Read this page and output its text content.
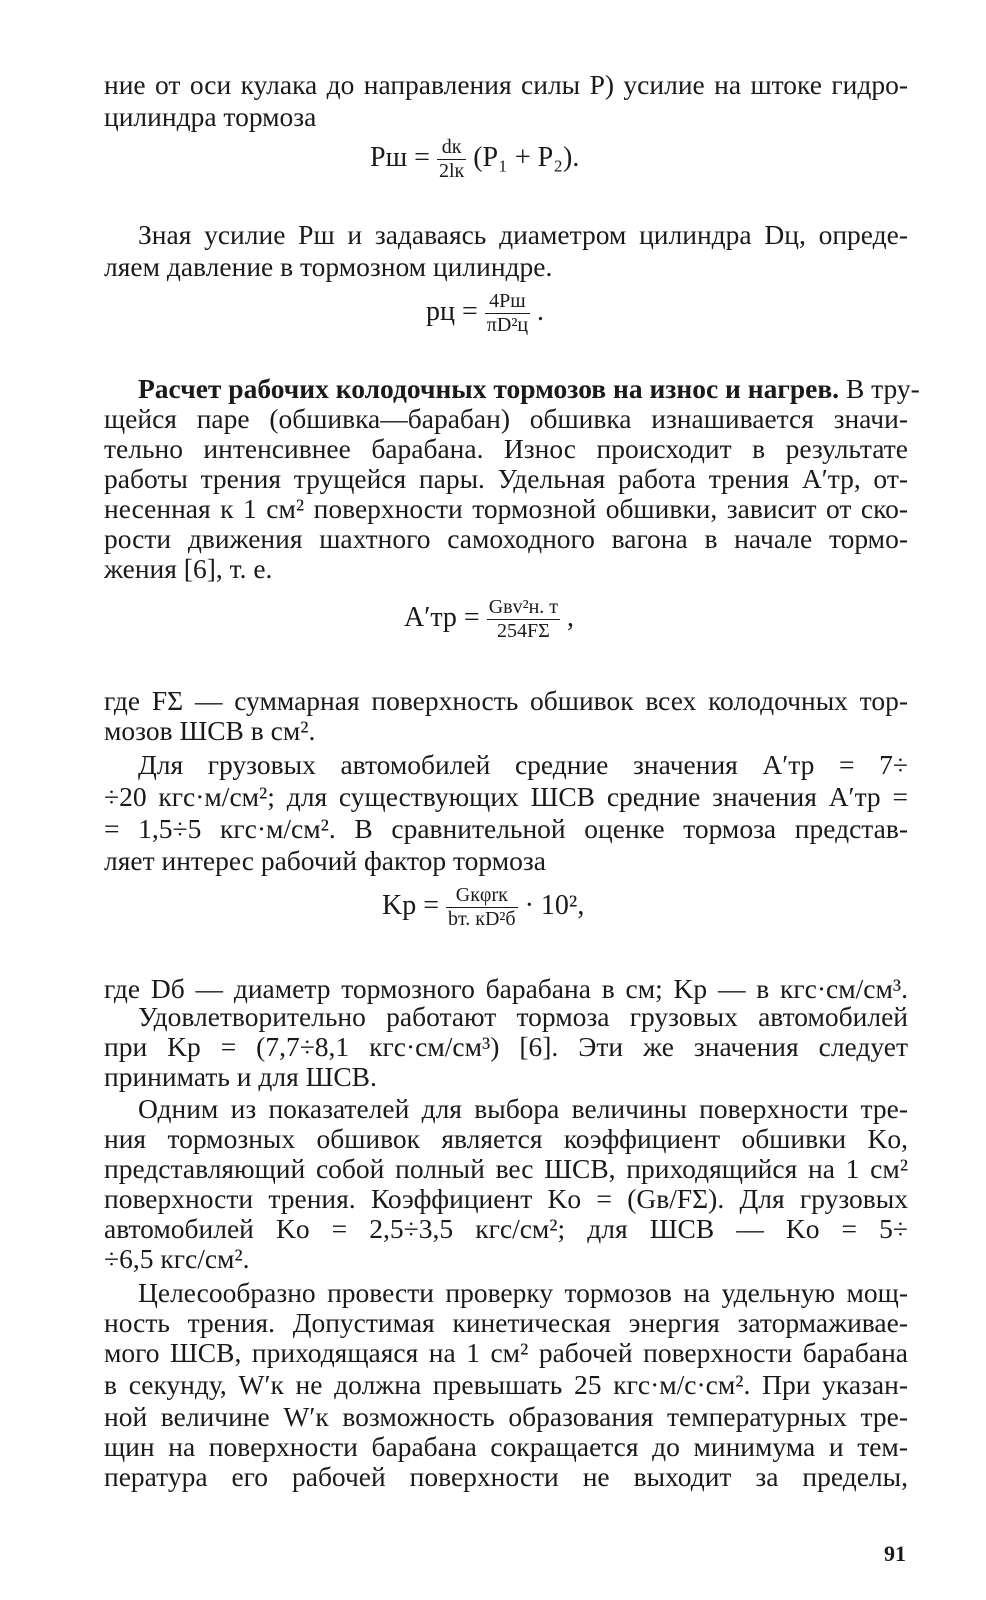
ние от оси кулака до направления силы P) усилие на штоке гидро-
цилиндра тормоза
Pш = $\frac{dк}{2lк} (P_1 + P_2)$.
Зная усилие Pш и задаваясь диаметром цилиндра Dц, опреде-
ляем давление в тормозном цилиндре.
pц = $\frac{4Pш}{\text{πD²ц}}$ .
Расчет рабочих колодочных тормозов на износ и нагрев. В тру-
щейся паре (обшивка—барабан) обшивка изнашивается значи-
тельно интенсивнее барабана. Износ происходит в результате
работы трения трущейся пары. Удельная работа трения A′тр, от-
несенная к 1 см² поверхности тормозной обшивки, зависит от ско-
рости движения шахтного самоходного вагона в начале тормо-
жения [6], т. е.
$A'тр = \frac{\text{Gвv²н. т}}{254F\Sigma}$ ,
где FΣ — суммарная поверхность обшивок всех колодочных тор-
мозов ШСВ в см².
Для грузовых автомобилей средние значения A′тр = 7÷
÷20 кгс·м/см²; для существующих ШСВ средние значения A′тр =
= 1,5÷5 кгс·м/см². В сравнительной оценке тормоза представ-
ляет интерес рабочий фактор тормоза
Kр = $\frac{\text{Gкφrк}}{\text{bт. кD²б}} \cdot 10^2$,
где Dб — диаметр тормозного барабана в см; Kр — в кгс·см/см³.
Удовлетворительно работают тормоза грузовых автомобилей
при Kр = (7,7÷8,1 кгс·см/см³) [6]. Эти же значения следует
принимать и для ШСВ.
Одним из показателей для выбора величины поверхности тре-
ния тормозных обшивок является коэффициент обшивки Kо,
представляющий собой полный вес ШСВ, приходящийся на 1 см²
поверхности трения. Коэффициент Kо = (Gв/FΣ). Для грузовых
автомобилей Kо = 2,5÷3,5 кгс/см²; для ШСВ — Kо = 5÷
÷6,5 кгс/см².
Целесообразно провести проверку тормозов на удельную мощ-
ность трения. Допустимая кинетическая энергия затормаживае-
мого ШСВ, приходящаяся на 1 см² рабочей поверхности барабана
в секунду, W′к не должна превышать 25 кгс·м/с·см². При указан-
ной величине W′к возможность образования температурных тре-
щин на поверхности барабана сокращается до минимума и тем-
пература его рабочей поверхности не выходит за пределы,
91
